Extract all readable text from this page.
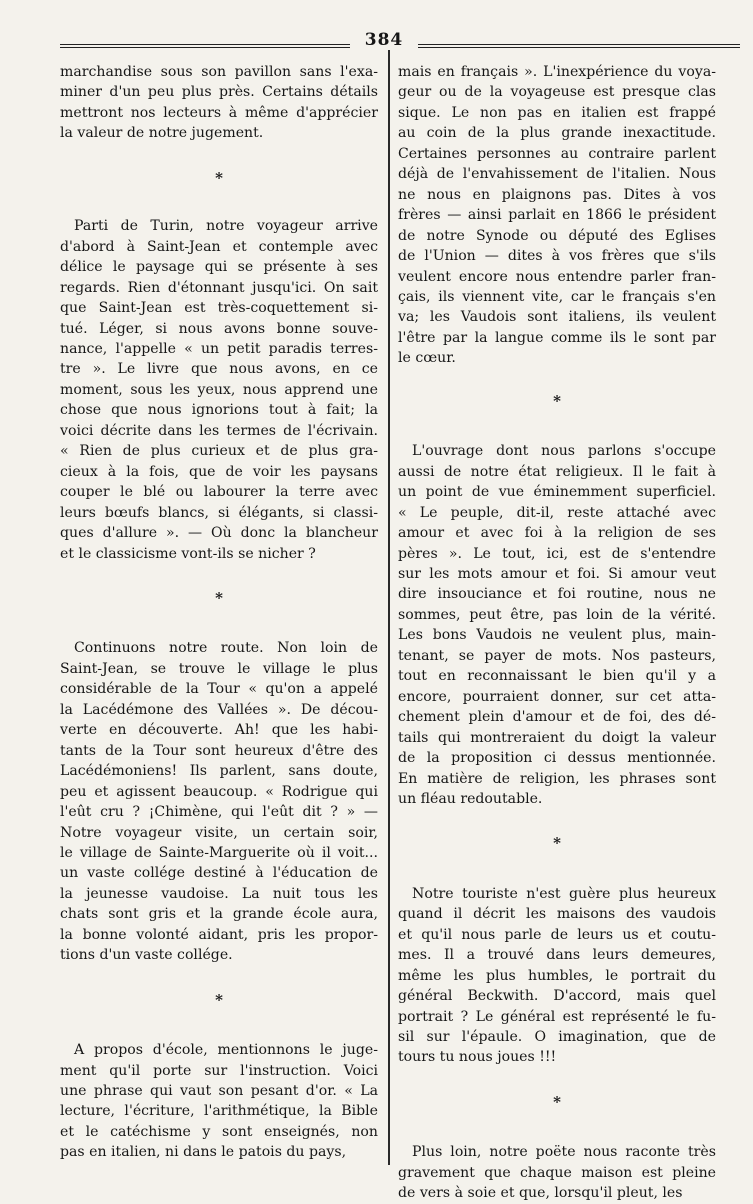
384

marchandise sous son pavillon sans l'exa-

miner d'un peu plus près. Certains détails

mettront nos lecteurs à même d'apprécier

la valeur de notre jugement.

*

Parti de Turin, notre voyageur arrive

d'abord à Saint-Jean et contemple avec

délice le paysage qui se présente à ses

regards. Rien d'étonnant jusqu'ici. On sait

que Saint-Jean est très-coquettement si-

tué. Léger, si nous avons bonne souve-

nance, l'appelle « un petit paradis terres-

tre ». Le livre que nous avons, en ce

moment, sous les yeux, nous apprend une

chose que nous ignorions tout à fait; la

voici décrite dans les termes de l'écrivain.

« Rien de plus curieux et de plus gra-

cieux à la fois, que de voir les paysans

couper le blé ou labourer la terre avec

leurs bœufs blancs, si élégants, si classi-

ques d'allure ». — Où donc la blancheur

et le classicisme vont-ils se nicher ?

*

Continuons notre route. Non loin de

Saint-Jean, se trouve le village le plus

considérable de la Tour « qu'on a appelé

la Lacédémone des Vallées ». De décou-

verte en découverte. Ah! que les habi-

tants de la Tour sont heureux d'être des

Lacédémoniens! Ils parlent, sans doute,

peu et agissent beaucoup. « Rodrigue qui

l'eût cru ? ¡Chimène, qui l'eût dit ? » —

Notre voyageur visite, un certain soir,

le village de Sainte-Marguerite où il voit...

un vaste collége destiné à l'éducation de

la jeunesse vaudoise. La nuit tous les

chats sont gris et la grande école aura,

la bonne volonté aidant, pris les propor-

tions d'un vaste collége.

*

A propos d'école, mentionnons le juge-

ment qu'il porte sur l'instruction. Voici

une phrase qui vaut son pesant d'or. « La

lecture, l'écriture, l'arithmétique, la Bible

et le catéchisme y sont enseignés, non

pas en italien, ni dans le patois du pays,

mais en français ». L'inexpérience du voya-

geur ou de la voyageuse est presque clas

sique. Le non pas en italien est frappé

au coin de la plus grande inexactitude.

Certaines personnes au contraire parlent

déjà de l'envahissement de l'italien. Nous

ne nous en plaignons pas. Dites à vos

frères — ainsi parlait en 1866 le président

de notre Synode ou député des Eglises

de l'Union — dites à vos frères que s'ils

veulent encore nous entendre parler fran-

çais, ils viennent vite, car le français s'en

va; les Vaudois sont italiens, ils veulent

l'être par la langue comme ils le sont par

le cœur.

*

L'ouvrage dont nous parlons s'occupe

aussi de notre état religieux. Il le fait à

un point de vue éminemment superficiel.

« Le peuple, dit-il, reste attaché avec

amour et avec foi à la religion de ses

pères ». Le tout, ici, est de s'entendre

sur les mots amour et foi. Si amour veut

dire insouciance et foi routine, nous ne

sommes, peut être, pas loin de la vérité.

Les bons Vaudois ne veulent plus, main-

tenant, se payer de mots. Nos pasteurs,

tout en reconnaissant le bien qu'il y a

encore, pourraient donner, sur cet atta-

chement plein d'amour et de foi, des dé-

tails qui montreraient du doigt la valeur

de la proposition ci dessus mentionnée.

En matière de religion, les phrases sont

un fléau redoutable.

*

Notre touriste n'est guère plus heureux

quand il décrit les maisons des vaudois

et qu'il nous parle de leurs us et coutu-

mes. Il a trouvé dans leurs demeures,

même les plus humbles, le portrait du

général Beckwith. D'accord, mais quel

portrait ? Le général est représenté le fu-

sil sur l'épaule. O imagination, que de

tours tu nous joues !!!

*

Plus loin, notre poëte nous raconte très

gravement que chaque maison est pleine

de vers à soie et que, lorsqu'il pleut, les
